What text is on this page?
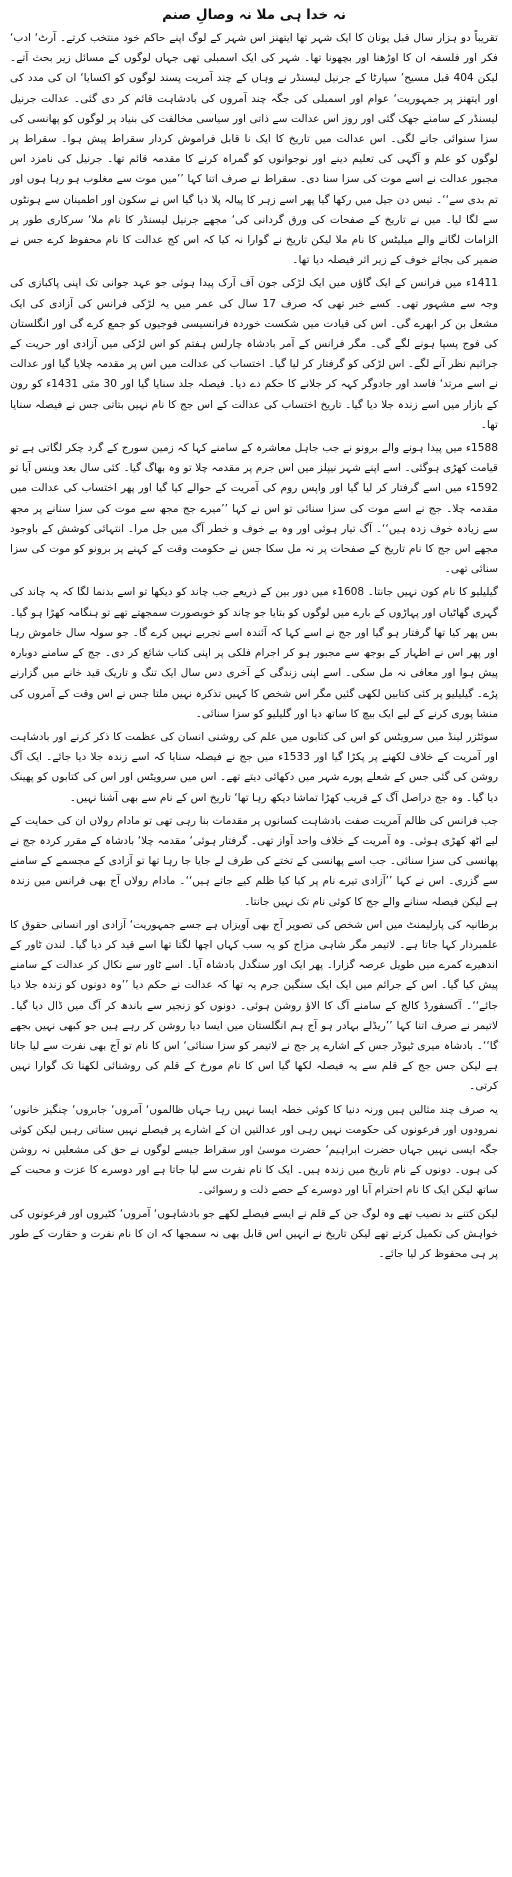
نہ خدا ہی ملا نہ وصالِ صنم

تقریباً دو ہزار سال قبل یونان کا ایک شہر تھا ایتھنز اس شہر کے لوگ اپنے حاکم خود منتخب کرتے۔ آرٹ‘ ادب‘ فکر اور فلسفہ ان کا اوڑھنا اور بچھونا تھا۔ شہر کی ایک اسمبلی تھی جہاں لوگوں کے مسائل زیر بحث آتے۔ لیکن 404 قبل مسیح’ سپارٹا کے جرنیل لیسنڈر نے وہاں کے چند آمریت پسند لوگوں کو اکسایا‘ ان کی مدد کی اور ایتھنز پر جمہوریت‘ عوام اور اسمبلی کی جگہ چند آمروں کی بادشاہت قائم کر دی گئی۔ عدالت جرنیل لیسنڈر کے سامنے جھک گئی اور روز اس عدالت سے ذاتی اور سیاسی مخالفت کی بنیاد پر لوگوں کو پھانسی کی سزا سنوائی جانے لگی۔ اس عدالت میں تاریخ کا ایک نا قابل فراموش کردار سقراط پیش ہوا۔ سقراط پر لوگوں کو علم و آگہی کی تعلیم دینے اور نوجوانوں کو گمراہ کرنے کا مقدمہ قائم تھا۔ جرنیل کی نامزد اس مجبور عدالت نے اسے موت کی سزا سنا دی۔ سقراط نے صرف اتنا کہا ’’میں موت سے مغلوب ہو رہا ہوں اور تم بدی سے‘‘۔ تیس دن جیل میں رکھا گیا پھر اسے زہر کا پیالہ پلا دیا گیا اس نے سکون اور اطمینان سے ہونٹوں سے لگا لیا۔ میں نے تاریخ کے صفحات کی ورق گردانی کی‘ مجھے جرنیل لیسنڈر کا نام ملا‘ سرکاری طور پر الزامات لگانے والے میلیٹس کا نام ملا لیکن تاریخ نے گوارا نہ کیا کہ اس کج عدالت کا نام محفوظ کرے جس نے ضمیر کی بجائے خوف کے زیر اثر فیصلہ دیا تھا۔

1411ء میں فرانس کے ایک گاؤں میں ایک لڑکی جون آف آرک پیدا ہوئی جو عہد جوانی تک اپنی پاکبازی کی وجہ سے مشہور تھی۔ کسے خبر تھی کہ صرف 17 سال کی عمر میں یہ لڑکی فرانس کی آزادی کی ایک مشعل بن کر ابھرے گی۔ اس کی قیادت میں شکست خوردہ فرانسیسی فوجیوں کو جمع کرے گی اور انگلستان کی فوج پسپا ہونے لگے گی۔ مگر فرانس کے آمر بادشاہ چارلس ہفتم کو اس لڑکی میں آزادی اور حریت کے جراثیم نظر آنے لگے۔ اس لڑکی کو گرفتار کر لیا گیا۔ اختساب کی عدالت میں اس پر مقدمہ چلایا گیا اور عدالت نے اسے مرتد‘ فاسد اور جادوگر کہہ کر جلانے کا حکم دے دیا۔ فیصلہ جلد سنایا گیا اور 30 مئی 1431ء کو رون کے بازار میں اسے زندہ جلا دیا گیا۔ تاریخ اختساب کی عدالت کے اس جج کا نام نہیں بتاتی جس نے فیصلہ سنایا تھا۔

1588ء میں پیدا ہونے والے برونو نے جب جاہل معاشرہ کے سامنے کہا کہ زمین سورج کے گرد چکر لگاتی ہے تو قیامت کھڑی ہوگئی۔ اسے اپنے شہر نیپلز میں اس جرم پر مقدمہ چلا تو وہ بھاگ گیا۔ کئی سال بعد وینس آیا تو 1592ء میں اسے گرفتار کر لیا گیا اور واپس روم کی آمریت کے حوالے کیا گیا اور پھر اختساب کی عدالت میں مقدمہ چلا۔ جج نے اسے موت کی سزا سنائی تو اس نے کہا ’’میرے جج مجھ سے موت کی سزا سنانے پر مجھ سے زیادہ خوف زدہ ہیں‘‘۔ آگ تیار ہوئی اور وہ بے خوف و خطر آگ میں جل مرا۔ انتہائی کوشش کے باوجود مجھے اس جج کا نام تاریخ کے صفحات پر نہ مل سکا جس نے حکومت وقت کے کہنے پر برونو کو موت کی سزا سنائی تھی۔

گیلیلیو کا نام کون نہیں جانتا۔ 1608ء میں دور بین کے ذریعے جب چاند کو دیکھا تو اسے بدنما لگا کہ یہ چاند کی گہری گھاٹیاں اور پہاڑوں کے بارے میں لوگوں کو بتایا جو چاند کو خوبصورت سمجھتے تھے تو ہنگامہ کھڑا ہو گیا۔ بس پھر کیا تھا گرفتار ہو گیا اور جج نے اسے کہا کہ آئندہ اسے تجربے نہیں کرے گا۔ جو سولہ سال خاموش رہا اور پھر اس نے اظہار کے بوجھ سے مجبور ہو کر اجرام فلکی پر اپنی کتاب شائع کر دی۔ جج کے سامنے دوبارہ پیش ہوا اور معافی نہ مل سکی۔ اسے اپنی زندگی کے آخری دس سال ایک تنگ و تاریک قید خانے میں گزارنے پڑے۔ گیلیلیو پر کئی کتابیں لکھی گئیں مگر اس شخص کا کہیں تذکرہ نہیں ملتا جس نے اس وقت کے آمروں کی منشا پوری کرنے کے لیے ایک بیچ کا ساتھ دیا اور گلیلیو کو سزا سنائی۔

سوئٹزر لینڈ میں سرویٹس کو اس کی کتابوں میں علم کی روشنی انسان کی عظمت کا ذکر کرنے اور بادشاہت اور آمریت کے خلاف لکھنے پر پکڑا گیا اور 1533ء میں جج نے فیصلہ سنایا کہ اسے زندہ جلا دیا جائے۔ ایک آگ روشن کی گئی جس کے شعلے پورے شہر میں دکھائی دیتے تھے۔ اس میں سرویٹس اور اس کی کتابوں کو پھینک دیا گیا۔ وہ جج دراصل آگ کے قریب کھڑا تماشا دیکھ رہا تھا‘ تاریخ اس کے نام سے بھی آشنا نہیں۔

جب فرانس کی ظالم آمریت صفت بادشاہت کسانوں پر مقدمات بنا رہی تھی تو مادام رولاں ان کی حمایت کے لیے اٹھ کھڑی ہوئی۔ وہ آمریت کے خلاف واحد آواز تھی۔ گرفتار ہوئی‘ مقدمہ چلا‘ بادشاہ کے مقرر کردہ جج نے پھانسی کی سزا سنائی۔ جب اسے پھانسی کے تختے کی طرف لے جایا جا رہا تھا تو آزادی کے مجسمے کے سامنے سے گزری۔ اس نے کہا ’’آزادی تیرے نام پر کیا کیا ظلم کیے جاتے ہیں‘‘۔ مادام رولاں آج بھی فرانس میں زندہ ہے لیکن فیصلہ سنانے والے جج کا کوئی نام تک نہیں جانتا۔

برطانیہ کی پارلیمنٹ میں اس شخص کی تصویر آج بھی آویزاں ہے جسے جمہوریت‘ آزادی اور انسانی حقوق کا علمبردار کہا جاتا ہے۔ لاتیمر مگر شاہی مزاج کو یہ سب کہاں اچھا لگتا تھا اسے قید کر دیا گیا۔ لندن ٹاور کے اندھیرے کمرے میں طویل عرصہ گزارا۔ پھر ایک اور سنگدل بادشاہ آیا۔ اسے ٹاور سے نکال کر عدالت کے سامنے پیش کیا گیا۔ اس کے جرائم میں ایک ایک سنگین جرم یہ تھا کہ عدالت نے حکم دیا ’’وہ دونوں کو زندہ جلا دیا جائے‘‘۔ آکسفورڈ کالج کے سامنے آگ کا الاؤ روشن ہوئی۔ دونوں کو زنجیر سے باندھ کر آگ میں ڈال دیا گیا۔ لاتیمر نے صرف اتنا کہا ’’ریڈلے بہادر ہو آج ہم انگلستان میں ایسا دیا روشن کر رہے ہیں جو کبھی نہیں بجھے گا‘‘۔ بادشاہ میری ٹیوڈر جس کے اشارے پر جج نے لاتیمر کو سزا سنائی‘ اس کا نام تو آج بھی نفرت سے لیا جاتا ہے لیکن جس جج کے قلم سے یہ فیصلہ لکھا گیا اس کا نام مورخ کے قلم کی روشنائی لکھنا تک گوارا نہیں کرتی۔

یہ صرف چند مثالیں ہیں ورنہ دنیا کا کوئی خطہ ایسا نہیں رہا جہاں ظالموں‘ آمروں‘ جابروں‘ چنگیز خانوں‘ نمرودوں اور فرعونوں کی حکومت نہیں رہی اور عدالتیں ان کے اشارے پر فیصلے نہیں سناتی رہیں لیکن کوئی جگہ ایسی نہیں جہاں حضرت ابراہیم‘ حضرت موسیٰ اور سقراط جیسے لوگوں نے حق کی مشعلیں نہ روشن کی ہوں۔ دونوں کے نام تاریخ میں زندہ ہیں۔ ایک کا نام نفرت سے لیا جاتا ہے اور دوسرے کا عزت و محبت کے ساتھ لیکن ایک کا نام احترام آبا اور دوسرے کے حصے ذلت و رسوائی۔

لیکن کتنے بد نصیب تھے وہ لوگ جن کے قلم نے ایسے فیصلے لکھے جو بادشاہوں‘ آمروں‘ کٹیروں اور فرعونوں کی خواہش کی تکمیل کرتے تھے لیکن تاریخ نے انہیں اس قابل بھی نہ سمجھا کہ ان کا نام نفرت و حقارت کے طور پر ہی محفوظ کر لیا جائے۔
